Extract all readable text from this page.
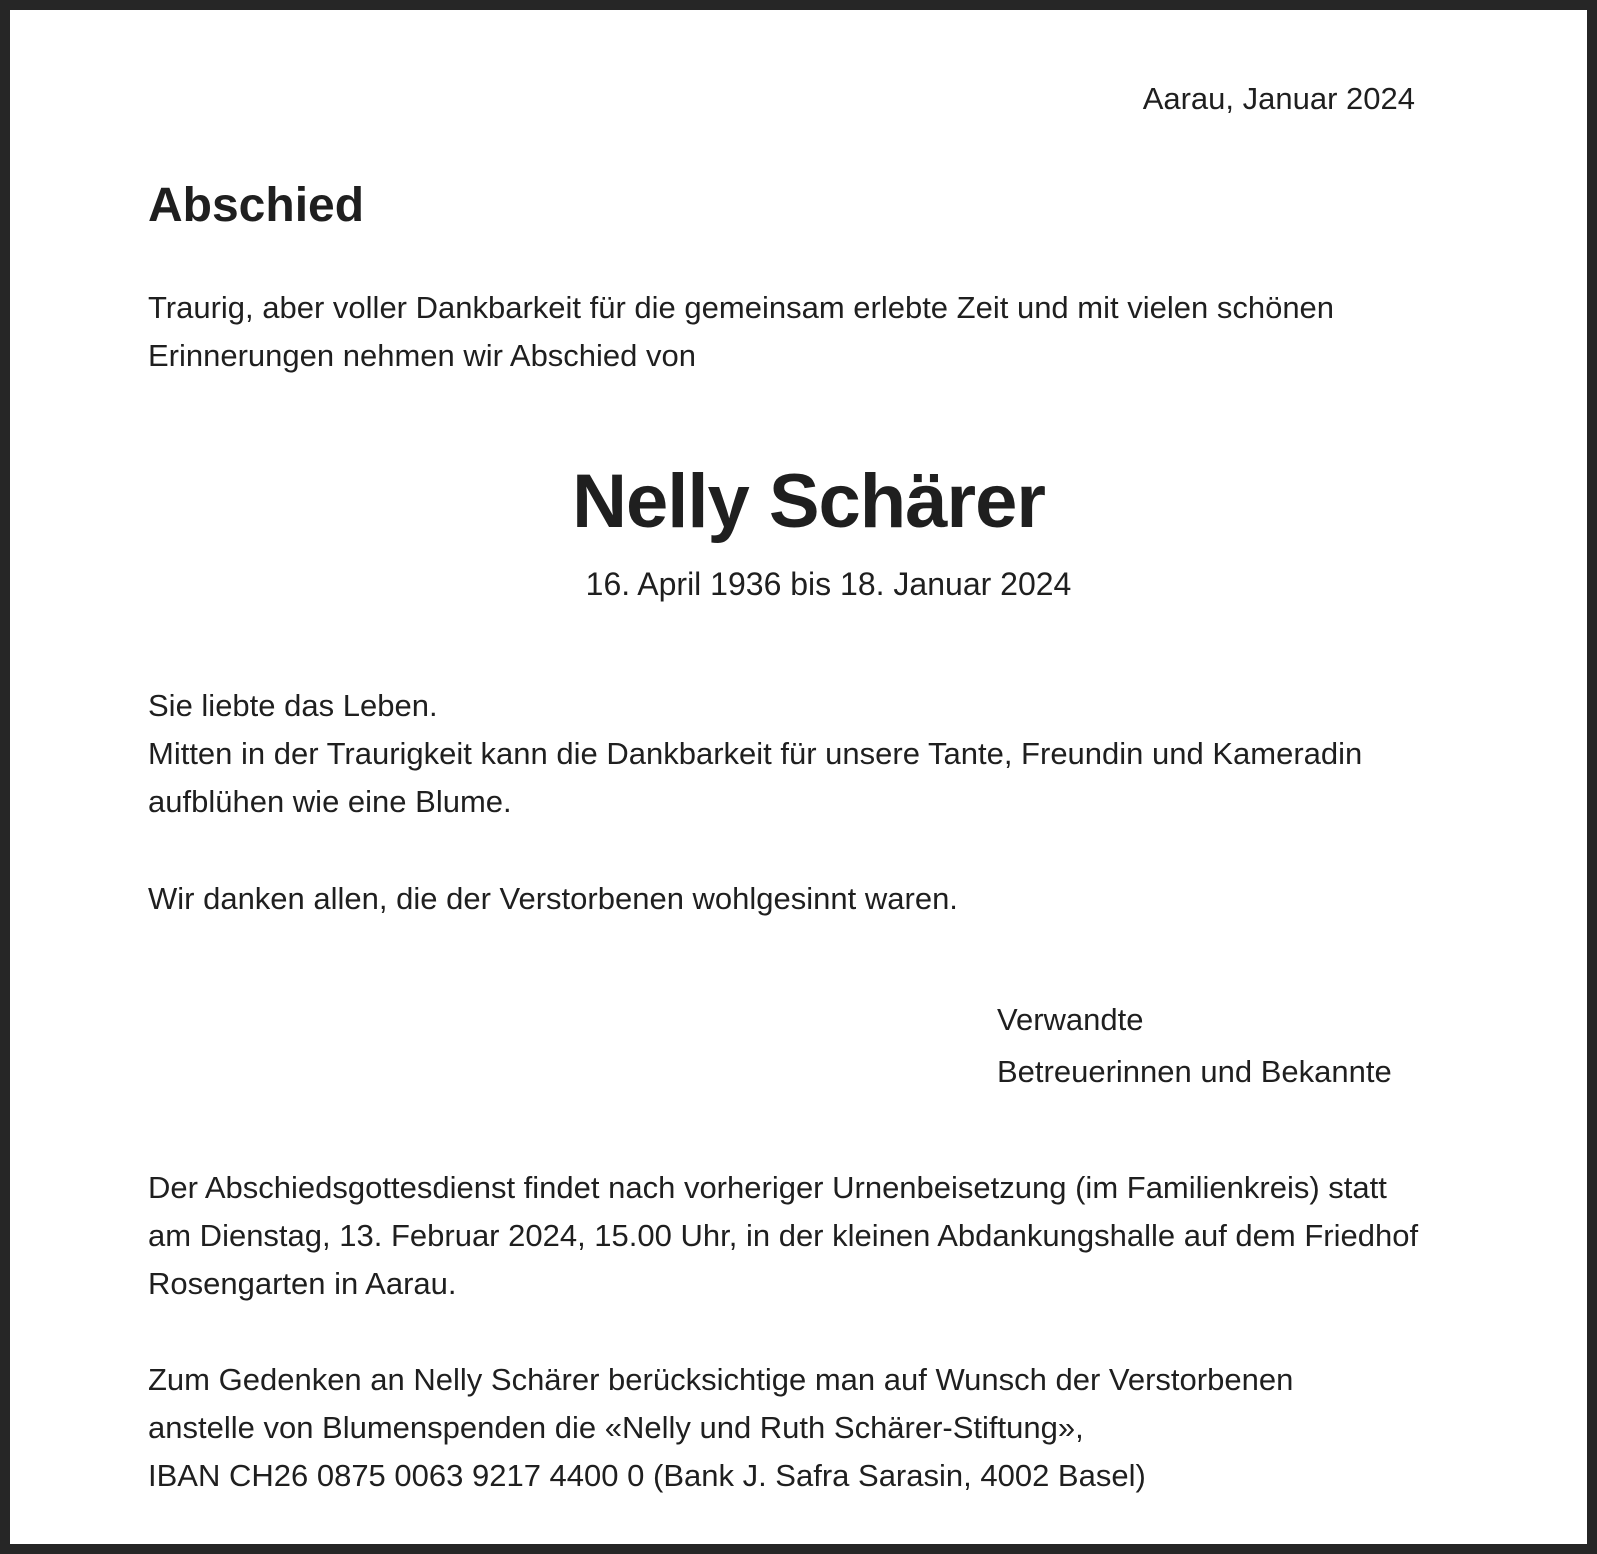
Aarau, Januar 2024

Abschied
Traurig, aber voller Dankbarkeit für die gemeinsam erlebte Zeit und mit vielen schönen
Erinnerungen nehmen wir Abschied von
Nelly Schärer

16. April 1936 bis 18. Januar 2024

Sie liebte das Leben.
Mitten in der Traurigkeit kann die Dankbarkeit für unsere Tante, Freundin und Kameradin
aufblühen wie eine Blume.

Wir danken allen, die der Verstorbenen wohlgesinnt waren.

Verwandte
Betreuerinnen und Bekannte
Der Abschiedsgottesdienst findet nach vorheriger Urnenbeisetzung (im Familienkreis) statt
am Dienstag, 13. Februar 2024, 15.00 Uhr, in der kleinen Abdankungshalle auf dem Friedhof
Rosengarten in Aarau.
Zum Gedenken an Nelly Schärer berücksichtige man auf Wunsch der Verstorbenen
anstelle von Blumenspenden die «Nelly und Ruth Schärer-Stiftung»,
IBAN CH26 0875 0063 9217 4400 0 (Bank J. Safra Sarasin, 4002 Basel)
